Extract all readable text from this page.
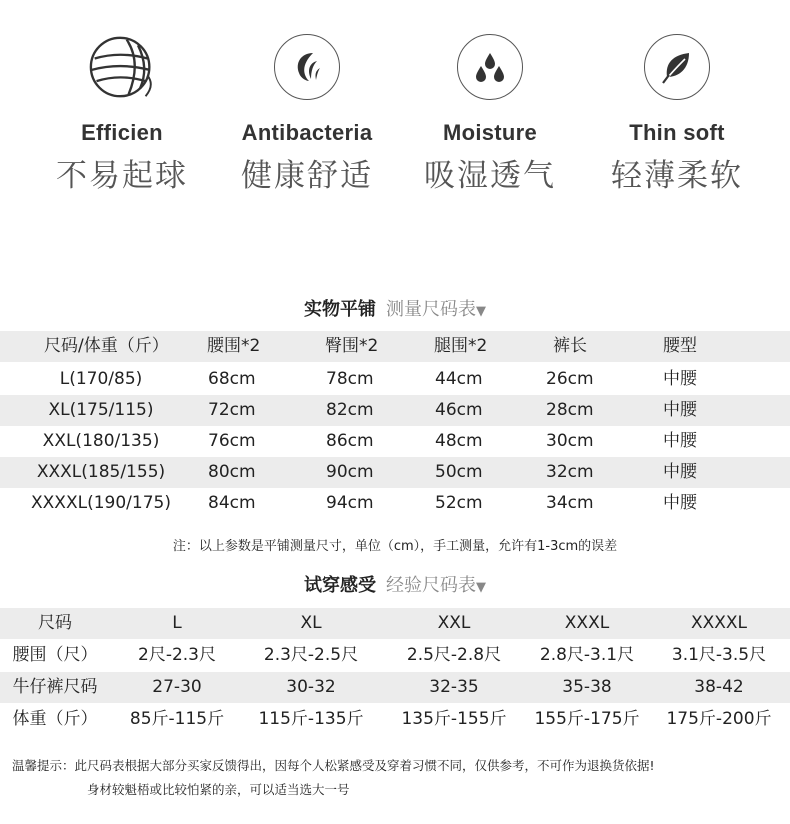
Efficien
不易起球
Antibacteria
健康舒适
Moisture
吸湿透气
Thin soft
轻薄柔软
实物平铺 测量尺码表▼
尺码/体重（斤） 腰围*2	臀围*2	腿围*2	裤长	腰型
L(170/85)	68cm	78cm	44cm	26cm	中腰
XL(175/115)	72cm	82cm	46cm	28cm	中腰
XXL(180/135)	76cm	86cm	48cm	30cm	中腰
XXXL(185/155)	80cm	90cm	50cm	32cm	中腰
XXXXL(190/175)	84cm	94cm	52cm	34cm	中腰
注：以上参数是平铺测量尺寸，单位（cm），手工测量，允许有1-3cm的误差
试穿感受 经验尺码表▼
尺码	L	XL	XXL	XXXL	XXXXL
腰围（尺）	2尺-2.3尺	2.3尺-2.5尺	2.5尺-2.8尺	2.8尺-3.1尺	3.1尺-3.5尺
牛仔裤尺码	27-30	30-32	32-35	35-38	38-42
体重（斤）	85斤-115斤	115斤-135斤	135斤-155斤	155斤-175斤	175斤-200斤
温馨提示：此尺码表根据大部分买家反馈得出，因每个人松紧感受及穿着习惯不同，仅供参考，不可作为退换货依据!
身材较魁梧或比较怕紧的亲，可以适当选大一号
